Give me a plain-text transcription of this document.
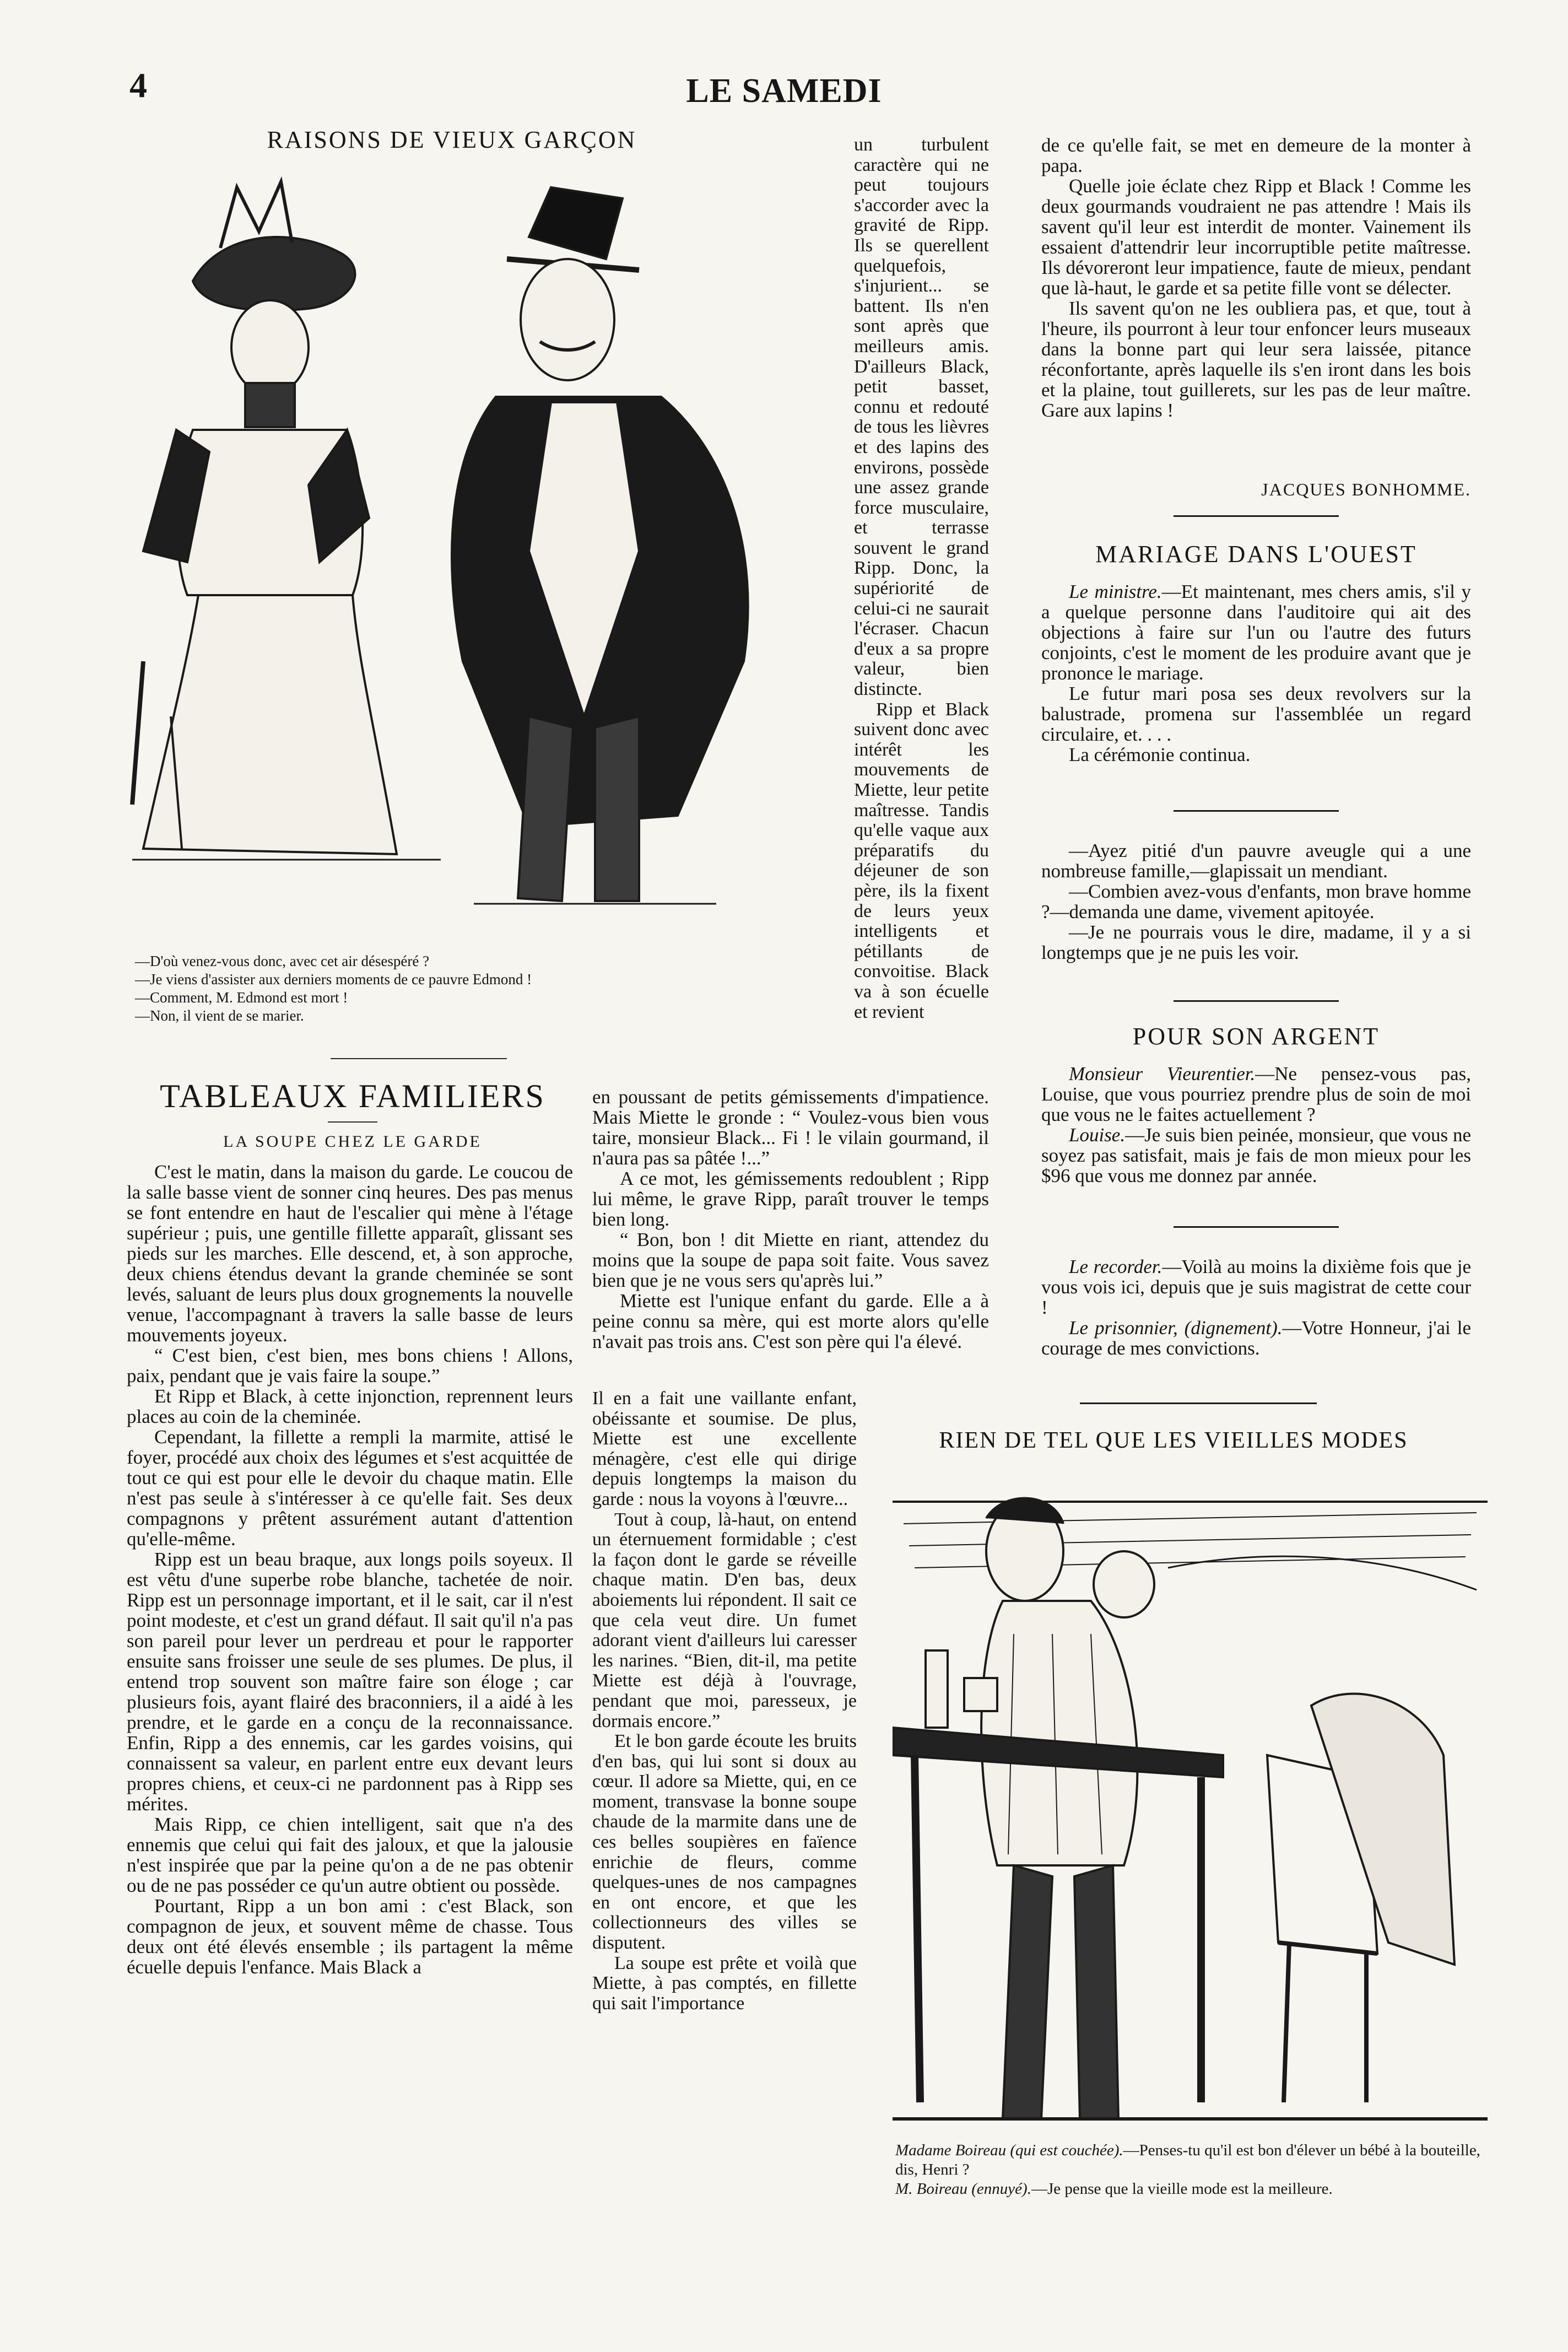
4	LE SAMEDI
RAISONS DE VIEUX GARÇON
—D'où venez-vous donc, avec cet air désespéré ?
—Je viens d'assister aux derniers moments de ce pauvre Edmond !
—Comment, M. Edmond est mort !
—Non, il vient de se marier.
TABLEAUX FAMILIERS
LA SOUPE CHEZ LE GARDE

C'est le matin, dans la maison du garde. Le coucou de la salle basse vient de sonner cinq heures. Des pas menus se font entendre en haut de l'escalier qui mène à l'étage supérieur ; puis, une gentille fillette apparaît, glissant ses pieds sur les marches. Elle descend, et, à son approche, deux chiens étendus devant la grande cheminée se sont levés, saluant de leurs plus doux grognements la nouvelle venue, l'accompagnant à travers la salle basse de leurs mouvements joyeux.

“ C'est bien, c'est bien, mes bons chiens ! Allons, paix, pendant que je vais faire la soupe.”

Et Ripp et Black, à cette injonction, reprennent leurs places au coin de la cheminée.

Cependant, la fillette a rempli la marmite, attisé le foyer, procédé aux choix des légumes et s'est acquittée de tout ce qui est pour elle le devoir du chaque matin. Elle n'est pas seule à s'intéresser à ce qu'elle fait. Ses deux compagnons y prêtent assurément autant d'attention qu'elle-même.

Ripp est un beau braque, aux longs poils soyeux. Il est vêtu d'une superbe robe blanche, tachetée de noir. Ripp est un personnage important, et il le sait, car il n'est point modeste, et c'est un grand défaut. Il sait qu'il n'a pas son pareil pour lever un perdreau et pour le rapporter ensuite sans froisser une seule de ses plumes. De plus, il entend trop souvent son maître faire son éloge ; car plusieurs fois, ayant flairé des braconniers, il a aidé à les prendre, et le garde en a conçu de la reconnaissance. Enfin, Ripp a des ennemis, car les gardes voisins, qui connaissent sa valeur, en parlent entre eux devant leurs propres chiens, et ceux-ci ne pardonnent pas à Ripp ses mérites.

Mais Ripp, ce chien intelligent, sait que n'a des ennemis que celui qui fait des jaloux, et que la jalousie n'est inspirée que par la peine qu'on a de ne pas obtenir ou de ne pas posséder ce qu'un autre obtient ou possède.

Pourtant, Ripp a un bon ami : c'est Black, son compagnon de jeux, et souvent même de chasse. Tous deux ont été élevés ensemble ; ils partagent la même écuelle depuis l'enfance. Mais Black a

un turbulent caractère qui ne peut toujours s'accorder avec la gravité de Ripp. Ils se querellent quelquefois, s'injurient... se battent. Ils n'en sont après que meilleurs amis. D'ailleurs Black, petit basset, connu et redouté de tous les lièvres et des lapins des environs, possède une assez grande force musculaire, et terrasse souvent le grand Ripp. Donc, la supériorité de celui-ci ne saurait l'écraser. Chacun d'eux a sa propre valeur, bien distincte.

Ripp et Black suivent donc avec intérêt les mouvements de Miette, leur petite maîtresse. Tandis qu'elle vaque aux préparatifs du déjeuner de son père, ils la fixent de leurs yeux intelligents et pétillants de convoitise. Black va à son écuelle et revient

en poussant de petits gémissements d'impatience. Mais Miette le gronde : “ Voulez-vous bien vous taire, monsieur Black... Fi ! le vilain gourmand, il n'aura pas sa pâtée !...”

A ce mot, les gémissements redoublent ; Ripp lui même, le grave Ripp, paraît trouver le temps bien long.

“ Bon, bon ! dit Miette en riant, attendez du moins que la soupe de papa soit faite. Vous savez bien que je ne vous sers qu'après lui.”

Miette est l'unique enfant du garde. Elle a à peine connu sa mère, qui est morte alors qu'elle n'avait pas trois ans. C'est son père qui l'a élevé.

Il en a fait une vaillante enfant, obéissante et soumise. De plus, Miette est une excellente ménagère, c'est elle qui dirige depuis longtemps la maison du garde : nous la voyons à l'œuvre...

Tout à coup, là-haut, on entend un éternuement formidable ; c'est la façon dont le garde se réveille chaque matin. D'en bas, deux aboiements lui répondent. Il sait ce que cela veut dire. Un fumet adorant vient d'ailleurs lui caresser les narines. “Bien, dit-il, ma petite Miette est déjà à l'ouvrage, pendant que moi, paresseux, je dormais encore.”

Et le bon garde écoute les bruits d'en bas, qui lui sont si doux au cœur. Il adore sa Miette, qui, en ce moment, transvase la bonne soupe chaude de la marmite dans une de ces belles soupières en faïence enrichie de fleurs, comme quelques-unes de nos campagnes en ont encore, et que les collectionneurs des villes se disputent.

La soupe est prête et voilà que Miette, à pas comptés, en fillette qui sait l'importance

de ce qu'elle fait, se met en demeure de la monter à papa.

Quelle joie éclate chez Ripp et Black ! Comme les deux gourmands voudraient ne pas attendre ! Mais ils savent qu'il leur est interdit de monter. Vainement ils essaient d'attendrir leur incorruptible petite maîtresse. Ils dévoreront leur impatience, faute de mieux, pendant que là-haut, le garde et sa petite fille vont se délecter.

Ils savent qu'on ne les oubliera pas, et que, tout à l'heure, ils pourront à leur tour enfoncer leurs museaux dans la bonne part qui leur sera laissée, pitance réconfortante, après laquelle ils s'en iront dans les bois et la plaine, tout guillerets, sur les pas de leur maître. Gare aux lapins !

JACQUES BONHOMME.
MARIAGE DANS L'OUEST

Le ministre.—Et maintenant, mes chers amis, s'il y a quelque personne dans l'auditoire qui ait des objections à faire sur l'un ou l'autre des futurs conjoints, c'est le moment de les produire avant que je prononce le mariage.

Le futur mari posa ses deux revolvers sur la balustrade, promena sur l'assemblée un regard circulaire, et. . . .

La cérémonie continua.

—Ayez pitié d'un pauvre aveugle qui a une nombreuse famille,—glapissait un mendiant.

—Combien avez-vous d'enfants, mon brave homme ?—demanda une dame, vivement apitoyée.

—Je ne pourrais vous le dire, madame, il y a si longtemps que je ne puis les voir.

POUR SON ARGENT

Monsieur Vieurentier.—Ne pensez-vous pas, Louise, que vous pourriez prendre plus de soin de moi que vous ne le faites actuellement ?

Louise.—Je suis bien peinée, monsieur, que vous ne soyez pas satisfait, mais je fais de mon mieux pour les $96 que vous me donnez par année.

Le recorder.—Voilà au moins la dixième fois que je vous vois ici, depuis que je suis magistrat de cette cour !

Le prisonnier, (dignement).—Votre Honneur, j'ai le courage de mes convictions.

RIEN DE TEL QUE LES VIEILLES MODES
Madame Boireau (qui est couchée).—Penses-tu qu'il est bon d'élever un bébé à la bouteille, dis, Henri ?
M. Boireau (ennuyé).—Je pense que la vieille mode est la meilleure.
